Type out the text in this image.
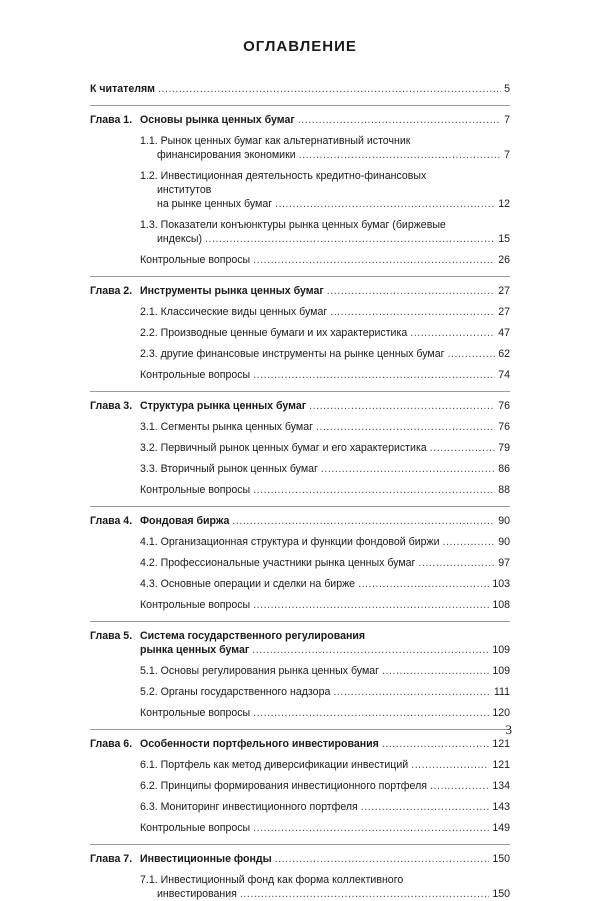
ОГЛАВЛЕНИЕ
К читателям . . .	5
Глава 1. Основы рынка ценных бумаг . . .	7
1.1. Рынок ценных бумаг как альтернативный источник
финансирования экономики . . .	7
1.2. Инвестиционная деятельность кредитно-финансовых
институтов
на рынке ценных бумаг . . .	12
1.3. Показатели конъюнктуры рынка ценных бумаг (биржевые
индексы) . . .	15
Контрольные вопросы . . .	26
Глава 2. Инструменты рынка ценных бумаг . . .	27
2.1. Классические виды ценных бумаг . . .	27
2.2. Производные ценные бумаги и их характеристика . . .	47
2.3. другие финансовые инструменты на рынке ценных бумаг . . .	62
Контрольные вопросы . . .	74
Глава 3. Структура рынка ценных бумаг . . .	76
3.1. Сегменты рынка ценных бумаг . . .	76
3.2. Первичный рынок ценных бумаг и его характеристика . . .	79
3.3. Вторичный рынок ценных бумаг . . .	86
Контрольные вопросы . . .	88
Глава 4. Фондовая биржа . . .	90
4.1. Организационная структура и функции фондовой биржи . . .	90
4.2. Профессиональные участники рынка ценных бумаг . . .	97
4.3. Основные операции и сделки на бирже . . .	103
Контрольные вопросы . . .	108
Глава 5. Система государственного регулирования
рынка ценных бумаг . . .	109
5.1. Основы регулирования рынка ценных бумаг . . .	109
5.2. Органы государственного надзора . . .	111
Контрольные вопросы . . .	120
Глава 6. Особенности портфельного инвестирования . . .	121
6.1. Портфель как метод диверсификации инвестиций . . .	121
6.2. Принципы формирования инвестиционного портфеля . . .	134
6.3. Мониторинг инвестиционного портфеля . . .	143
Контрольные вопросы . . .	149
Глава 7. Инвестиционные фонды . . .	150
7.1. Инвестиционный фонд как форма коллективного
инвестирования . . .	150
3
